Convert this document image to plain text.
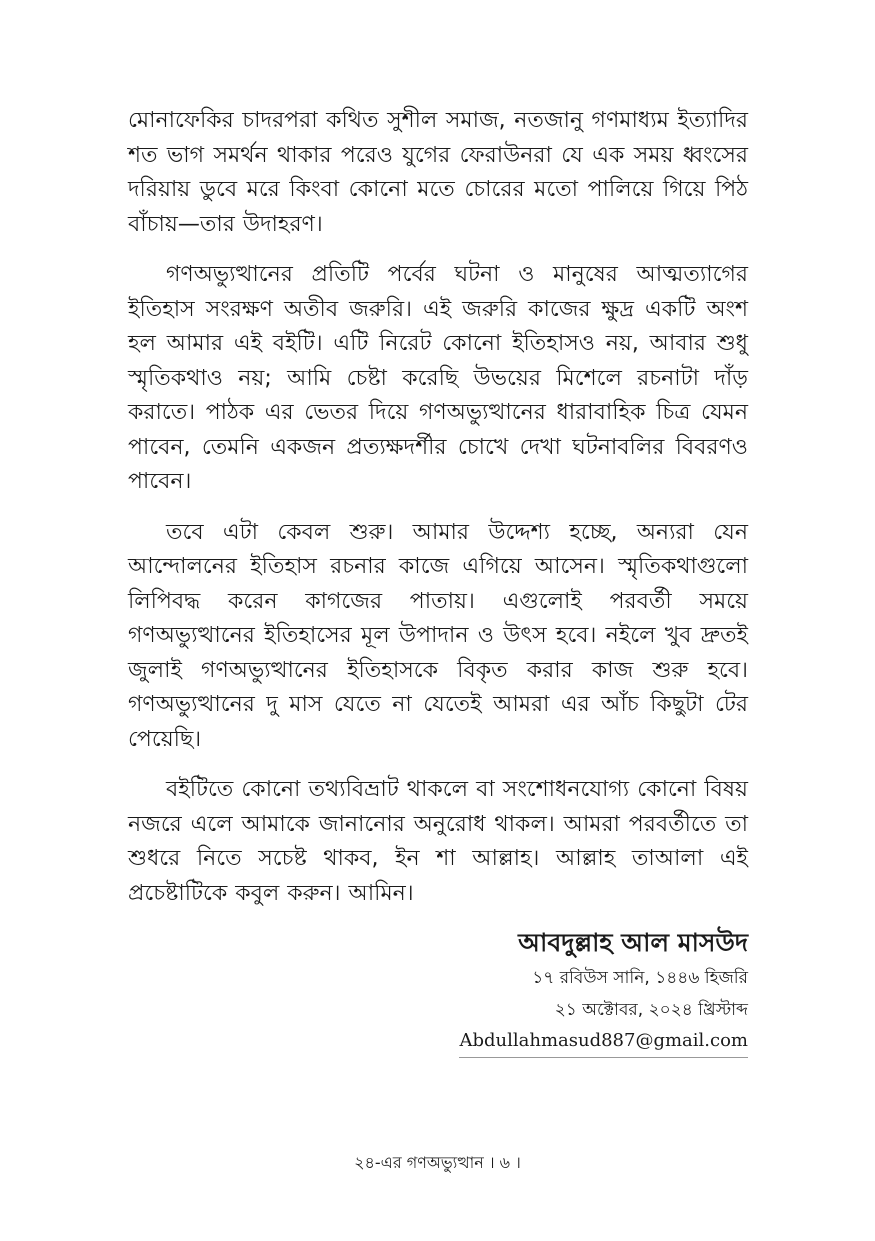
মোনাফেকির চাদরপরা কথিত সুশীল সমাজ, নতজানু গণমাধ্যম ইত্যাদির শত ভাগ সমর্থন থাকার পরেও যুগের ফেরাউনরা যে এক সময় ধ্বংসের দরিয়ায় ডুবে মরে কিংবা কোনো মতে চোরের মতো পালিয়ে গিয়ে পিঠ বাঁচায়—তার উদাহরণ।

গণঅভ্যুত্থানের প্রতিটি পর্বের ঘটনা ও মানুষের আত্মত্যাগের ইতিহাস সংরক্ষণ অতীব জরুরি। এই জরুরি কাজের ক্ষুদ্র একটি অংশ হল আমার এই বইটি। এটি নিরেট কোনো ইতিহাসও নয়, আবার শুধু স্মৃতিকথাও নয়; আমি চেষ্টা করেছি উভয়ের মিশেলে রচনাটা দাঁড় করাতে। পাঠক এর ভেতর দিয়ে গণঅভ্যুত্থানের ধারাবাহিক চিত্র যেমন পাবেন, তেমনি একজন প্রত্যক্ষদর্শীর চোখে দেখা ঘটনাবলির বিবরণও পাবেন।

তবে এটা কেবল শুরু। আমার উদ্দেশ্য হচ্ছে, অন্যরা যেন আন্দোলনের ইতিহাস রচনার কাজে এগিয়ে আসেন। স্মৃতিকথাগুলো লিপিবদ্ধ করেন কাগজের পাতায়। এগুলোই পরবর্তী সময়ে গণঅভ্যুত্থানের ইতিহাসের মূল উপাদান ও উৎস হবে। নইলে খুব দ্রুতই জুলাই গণঅভ্যুত্থানের ইতিহাসকে বিকৃত করার কাজ শুরু হবে। গণঅভ্যুত্থানের দু মাস যেতে না যেতেই আমরা এর আঁচ কিছুটা টের পেয়েছি।

বইটিতে কোনো তথ্যবিভ্রাট থাকলে বা সংশোধনযোগ্য কোনো বিষয় নজরে এলে আমাকে জানানোর অনুরোধ থাকল। আমরা পরবর্তীতে তা শুধরে নিতে সচেষ্ট থাকব, ইন শা আল্লাহ। আল্লাহ তাআলা এই প্রচেষ্টাটিকে কবুল করুন। আমিন।

আবদুল্লাহ আল মাসউদ

১৭ রবিউস সানি, ১৪৪৬ হিজরি

২১ অক্টোবর, ২০২৪ খ্রিস্টাব্দ

Abdullahmasud887@gmail.com
২৪-এর গণঅভ্যুত্থান । ৬ ।
